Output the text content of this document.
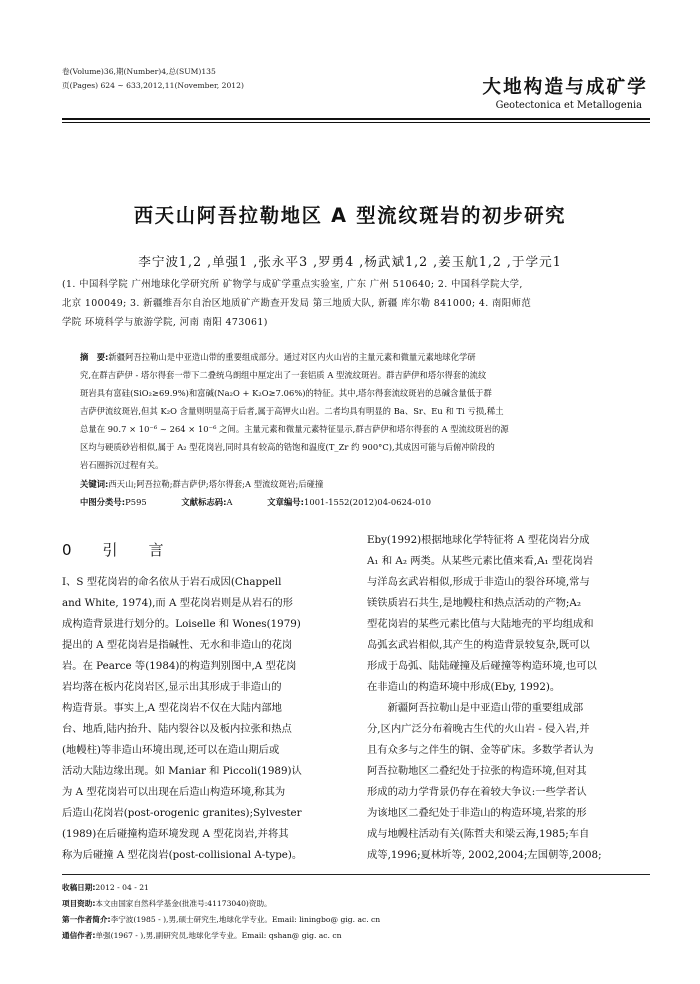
卷(Volume)36,期(Number)4,总(SUM)135
页(Pages) 624 ~ 633,2012,11(November, 2012)	大地构造与成矿学
Geotectonica et Metallogenia
西天山阿吾拉勒地区 A 型流纹斑岩的初步研究
李宁波1,2 ,单强1 ,张永平3 ,罗勇4 ,杨武斌1,2 ,姜玉航1,2 ,于学元1
(1. 中国科学院 广州地球化学研究所 矿物学与成矿学重点实验室, 广东 广州 510640; 2. 中国科学院大学,
北京 100049; 3. 新疆维吾尔自治区地质矿产勘查开发局 第三地质大队, 新疆 库尔勒 841000; 4. 南阳师范
学院 环境科学与旅游学院, 河南 南阳 473061)
摘　要:新疆阿吾拉勒山是中亚造山带的重要组成部分。通过对区内火山岩的主量元素和微量元素地球化学研
究,在群吉萨伊 - 塔尔得套一带下二叠统乌朗组中厘定出了一套铝质 A 型流纹斑岩。群吉萨伊和塔尔得套的流纹
斑岩具有富硅(SiO₂≥69.9%)和富碱(Na₂O + K₂O≥7.06%)的特征。其中,塔尔得套流纹斑岩的总碱含量低于群
吉萨伊流纹斑岩,但其 K₂O 含量则明显高于后者,属于高钾火山岩。二者均具有明显的 Ba、Sr、Eu 和 Ti 亏损,稀土
总量在 90.7 × 10⁻⁶ ~ 264 × 10⁻⁶ 之间。主量元素和微量元素特征显示,群吉萨伊和塔尔得套的 A 型流纹斑岩的源
区均与硬质砂岩相似,属于 A₂ 型花岗岩,同时具有较高的锆饱和温度(T_Zr 约 900°C),其成因可能与后俯冲阶段的
岩石圈拆沉过程有关。
关键词:西天山;阿吾拉勒;群吉萨伊;塔尔得套;A 型流纹斑岩;后碰撞
中图分类号:P595	文献标志码:A	文章编号:1001-1552(2012)04-0624-010
0　引　言
I、S 型花岗岩的命名依从于岩石成因(Chappell
and White, 1974),而 A 型花岗岩则是从岩石的形
成构造背景进行划分的。Loiselle 和 Wones(1979)
提出的 A 型花岗岩是指碱性、无水和非造山的花岗
岩。在 Pearce 等(1984)的构造判别图中,A 型花岗
岩均落在板内花岗岩区,显示出其形成于非造山的
构造背景。事实上,A 型花岗岩不仅在大陆内部地
台、地盾,陆内抬升、陆内裂谷以及板内拉张和热点
(地幔柱)等非造山环境出现,还可以在造山期后或
活动大陆边缘出现。如 Maniar 和 Piccoli(1989)认
为 A 型花岗岩可以出现在后造山构造环境,称其为
后造山花岗岩(post-orogenic granites);Sylvester
(1989)在后碰撞构造环境发现 A 型花岗岩,并将其
称为后碰撞 A 型花岗岩(post-collisional A-type)。
Eby(1992)根据地球化学特征将 A 型花岗岩分成
A₁ 和 A₂ 两类。从某些元素比值来看,A₁ 型花岗岩
与洋岛玄武岩相似,形成于非造山的裂谷环境,常与
镁铁质岩石共生,是地幔柱和热点活动的产物;A₂
型花岗岩的某些元素比值与大陆地壳的平均组成和
岛弧玄武岩相似,其产生的构造背景较复杂,既可以
形成于岛弧、陆陆碰撞及后碰撞等构造环境,也可以
在非造山的构造环境中形成(Eby, 1992)。
　　新疆阿吾拉勒山是中亚造山带的重要组成部
分,区内广泛分布着晚古生代的火山岩 - 侵入岩,并
且有众多与之伴生的铜、金等矿床。多数学者认为
阿吾拉勒地区二叠纪处于拉张的构造环境,但对其
形成的动力学背景仍存在着较大争议:一些学者认
为该地区二叠纪处于非造山的构造环境,岩浆的形
成与地幔柱活动有关(陈哲夫和梁云海,1985;车自
成等,1996;夏林圻等, 2002,2004;左国朝等,2008;
收稿日期:2012 - 04 - 21
项目资助:本文由国家自然科学基金(批准号:41173040)资助。
第一作者简介:李宁波(1985 - ),男,硕士研究生,地球化学专业。Email: liningbo@ gig. ac. cn
通信作者:单强(1967 - ),男,副研究员,地球化学专业。Email: qshan@ gig. ac. cn
